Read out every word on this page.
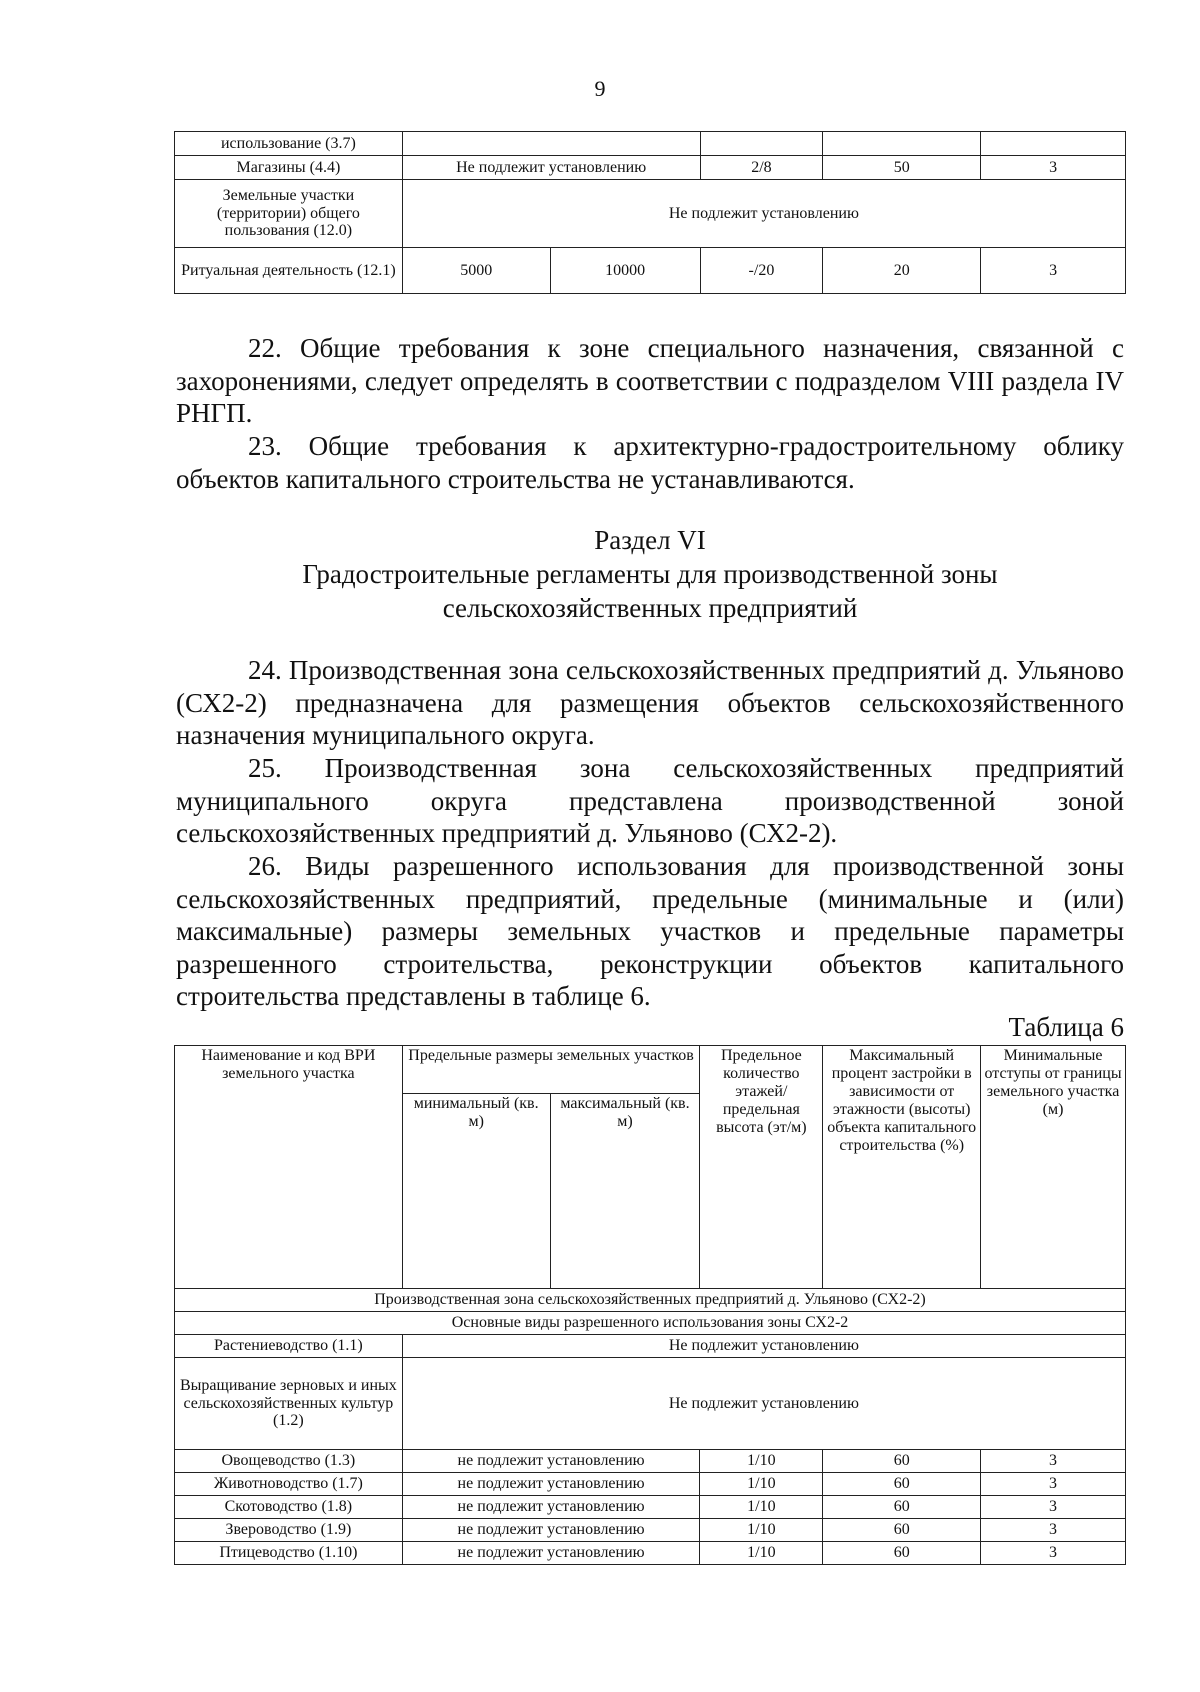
9
использование (3.7)					
Магазины (4.4)	Не подлежит установлению		2/8	50	3
Земельные участки (территории) общего пользования (12.0)	Не подлежит установлению				
Ритуальная деятельность (12.1)	5000	10000	-/20	20	3

22. Общие требования к зоне специального назначения, связанной с захоронениями, следует определять в соответствии с подразделом VIII раздела IV РНГП.

23. Общие требования к архитектурно-градостроительному облику объектов капитального строительства не устанавливаются.

Раздел VI

Градостроительные регламенты для производственной зоны

сельскохозяйственных предприятий

24. Производственная зона сельскохозяйственных предприятий д. Ульяново (СХ2-2) предназначена для размещения объектов сельскохозяйственного назначения муниципального округа.

25. Производственная зона сельскохозяйственных предприятий муниципального округа представлена производственной зоной сельскохозяйственных предприятий д. Ульяново (СХ2-2).

26. Виды разрешенного использования для производственной зоны сельскохозяйственных предприятий, предельные (минимальные и (или) максимальные) размеры земельных участков и предельные параметры разрешенного строительства, реконструкции объектов капитального строительства представлены в таблице 6.

Таблица 6
Наименование и код ВРИ земельного участка	Предельные размеры земельных участков		Предельное количество этажей/ предельная высота (эт/м)	Максимальный процент застройки в зависимости от этажности (высоты) объекта капитального строительства (%)	Минимальные отступы от границы земельного участка (м)
	минимальный (кв. м)	максимальный (кв. м)			
Производственная зона сельскохозяйственных предприятий д. Ульяново (СХ2-2)					
Основные виды разрешенного использования зоны СХ2-2					
Растениеводство (1.1)	Не подлежит установлению				
Выращивание зерновых и иных сельскохозяйственных культур (1.2)	Не подлежит установлению				
Овощеводство (1.3)	не подлежит установлению		1/10	60	3
Животноводство (1.7)	не подлежит установлению		1/10	60	3
Скотоводство (1.8)	не подлежит установлению		1/10	60	3
Звероводство (1.9)	не подлежит установлению		1/10	60	3
Птицеводство (1.10)	не подлежит установлению		1/10	60	3
